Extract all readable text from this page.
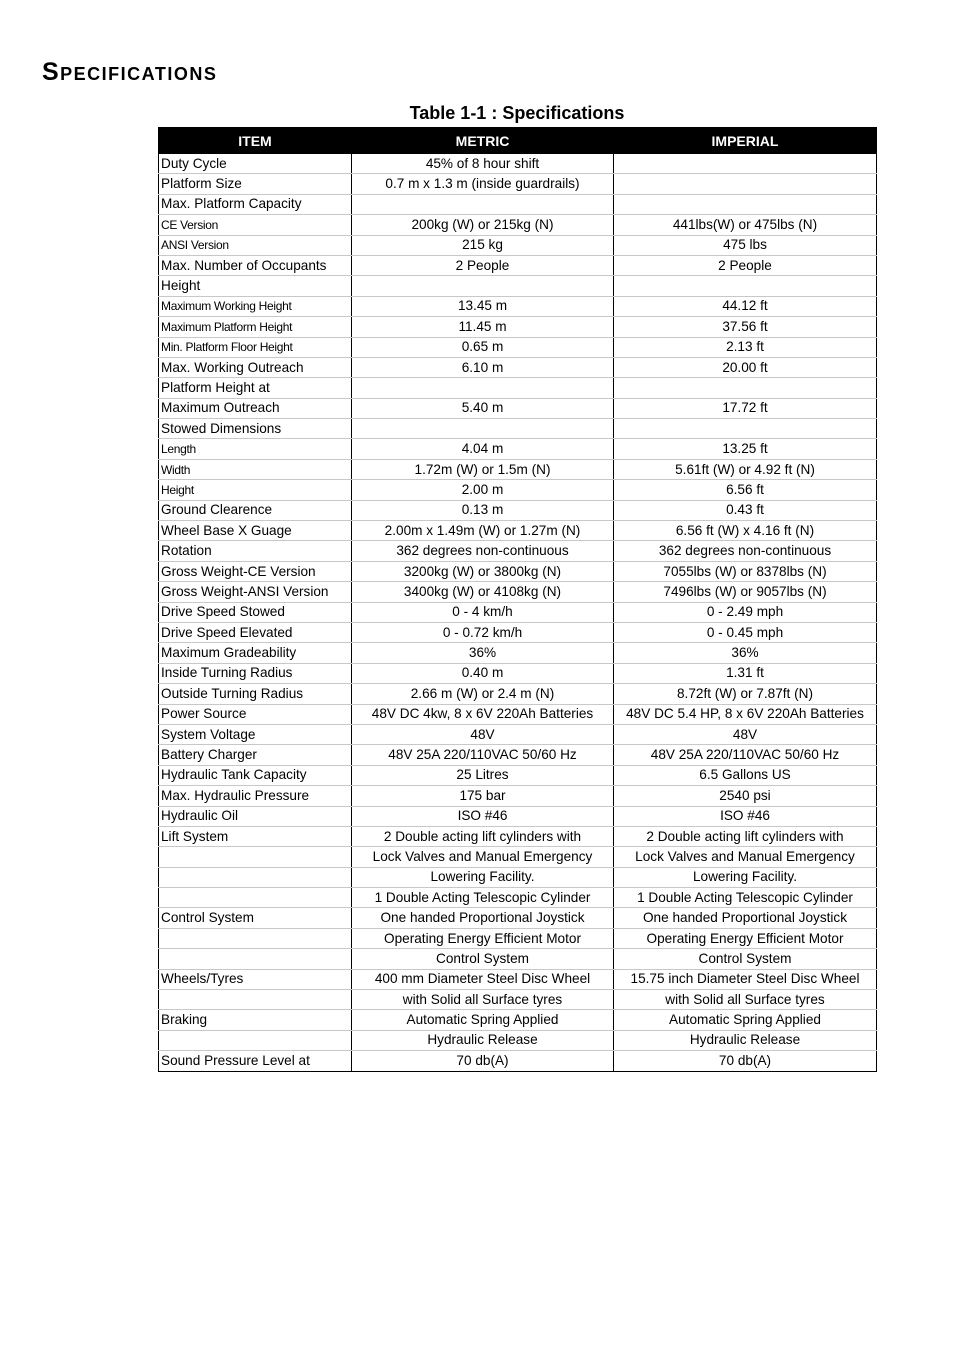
Specifications
Table 1-1 : Specifications
ITEM	METRIC	IMPERIAL
Duty Cycle	45% of 8 hour shift	
Platform Size	0.7 m x 1.3 m (inside guardrails)	
Max. Platform Capacity		
CE Version	200kg (W) or 215kg (N)	441lbs(W) or 475lbs (N)
ANSI Version	215 kg	475 lbs
Max. Number of Occupants	2 People	2 People
Height		
Maximum Working Height	13.45 m	44.12 ft
Maximum Platform Height	11.45 m	37.56 ft
Min. Platform Floor Height	0.65 m	2.13 ft
Max. Working Outreach	6.10 m	20.00 ft
Platform Height at		
Maximum Outreach	5.40 m	17.72 ft
Stowed Dimensions		
Length	4.04 m	13.25 ft
Width	1.72m (W) or 1.5m (N)	5.61ft (W) or 4.92 ft (N)
Height	2.00 m	6.56 ft
Ground Clearence	0.13 m	0.43 ft
Wheel Base X Guage	2.00m x 1.49m (W) or 1.27m (N)	6.56 ft (W) x 4.16 ft (N)
Rotation	362 degrees non-continuous	362 degrees non-continuous
Gross Weight-CE Version	3200kg (W) or 3800kg (N)	7055lbs (W) or 8378lbs (N)
Gross Weight-ANSI Version	3400kg (W) or 4108kg (N)	7496lbs (W) or 9057lbs (N)
Drive Speed Stowed	0 - 4 km/h	0 - 2.49 mph
Drive Speed Elevated	0 - 0.72 km/h	0 - 0.45 mph
Maximum Gradeability	36%	36%
Inside Turning Radius	0.40 m	1.31 ft
Outside Turning Radius	2.66 m (W) or 2.4 m (N)	8.72ft (W) or 7.87ft (N)
Power Source	48V DC 4kw, 8 x 6V 220Ah Batteries	48V DC 5.4 HP, 8 x 6V 220Ah Batteries
System Voltage	48V	48V
Battery Charger	48V 25A 220/110VAC 50/60 Hz	48V 25A 220/110VAC 50/60 Hz
Hydraulic Tank Capacity	25 Litres	6.5 Gallons US
Max. Hydraulic Pressure	175 bar	2540 psi
Hydraulic Oil	ISO #46	ISO #46
Lift System	2 Double acting lift cylinders with	2 Double acting lift cylinders with
	Lock Valves and Manual Emergency	Lock Valves and Manual Emergency
	Lowering Facility.	Lowering Facility.
	1 Double Acting Telescopic Cylinder	1 Double Acting Telescopic Cylinder
Control System	One handed Proportional Joystick	One handed Proportional Joystick
	Operating Energy Efficient Motor	Operating Energy Efficient Motor
	Control System	Control System
Wheels/Tyres	400 mm Diameter Steel Disc Wheel	15.75 inch Diameter Steel Disc Wheel
	with Solid all Surface tyres	with Solid all Surface tyres
Braking	Automatic Spring Applied	Automatic Spring Applied
	Hydraulic Release	Hydraulic Release
Sound Pressure Level at	70 db(A)	70 db(A)
